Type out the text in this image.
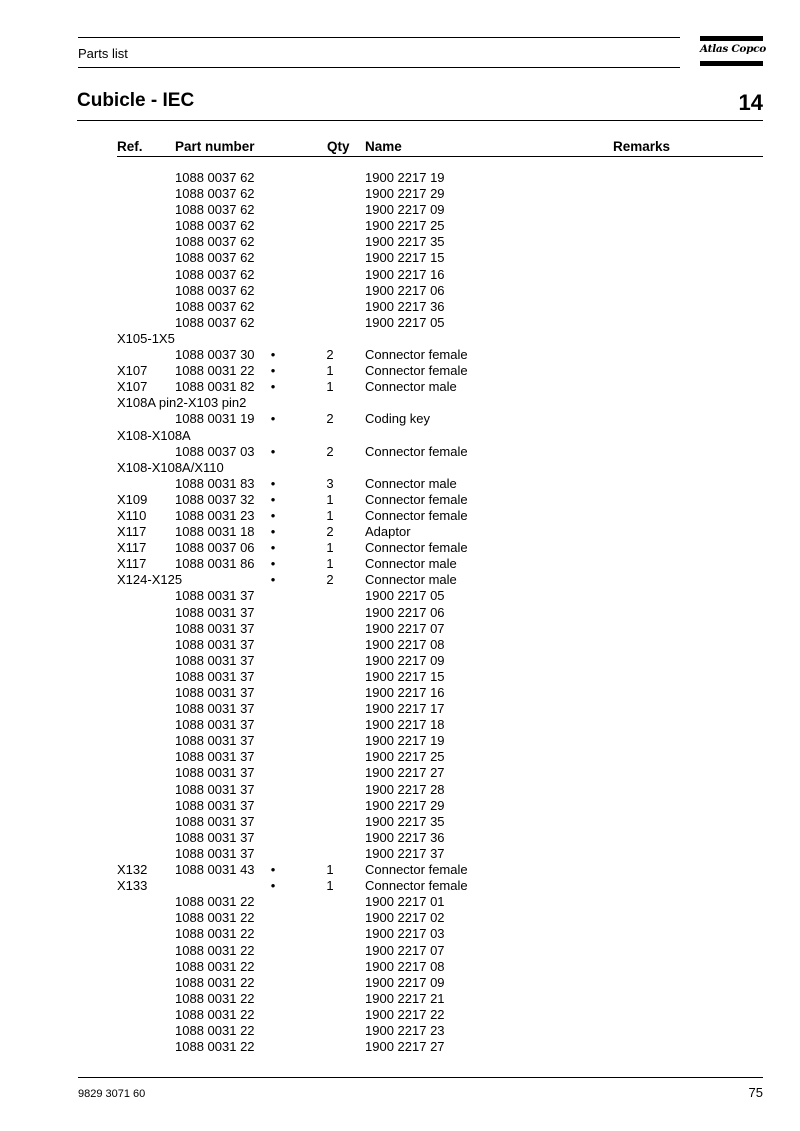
Parts list	Atlas Copco
Cubicle - IEC	14
Ref. Part number	Qty Name	Remarks
1088 0037 62	1900 2217 19
1088 0037 62	1900 2217 29
1088 0037 62	1900 2217 09
1088 0037 62	1900 2217 25
1088 0037 62	1900 2217 35
1088 0037 62	1900 2217 15
1088 0037 62	1900 2217 16
1088 0037 62	1900 2217 06
1088 0037 62	1900 2217 36
1088 0037 62	1900 2217 05
X105-1X5
1088 0037 30	•	2	Connector female
X107 1088 0031 22	•	1	Connector female
X107 1088 0031 82	•	1	Connector male
X108A pin2-X103 pin2
1088 0031 19	•	2	Coding key
X108-X108A
1088 0037 03	•	2	Connector female
X108-X108A/X110
1088 0031 83	•	3	Connector male
X109 1088 0037 32	•	1	Connector female
X110 1088 0031 23	•	1	Connector female
X117 1088 0031 18	•	2	Adaptor
X117 1088 0037 06	•	1	Connector female
X117 1088 0031 86	•	1	Connector male
X124-X125	•	2	Connector male
1088 0031 37	1900 2217 05
1088 0031 37	1900 2217 06
1088 0031 37	1900 2217 07
1088 0031 37	1900 2217 08
1088 0031 37	1900 2217 09
1088 0031 37	1900 2217 15
1088 0031 37	1900 2217 16
1088 0031 37	1900 2217 17
1088 0031 37	1900 2217 18
1088 0031 37	1900 2217 19
1088 0031 37	1900 2217 25
1088 0031 37	1900 2217 27
1088 0031 37	1900 2217 28
1088 0031 37	1900 2217 29
1088 0031 37	1900 2217 35
1088 0031 37	1900 2217 36
1088 0031 37	1900 2217 37
X132 1088 0031 43	•	1	Connector female
X133	•	1	Connector female
1088 0031 22	1900 2217 01
1088 0031 22	1900 2217 02
1088 0031 22	1900 2217 03
1088 0031 22	1900 2217 07
1088 0031 22	1900 2217 08
1088 0031 22	1900 2217 09
1088 0031 22	1900 2217 21
1088 0031 22	1900 2217 22
1088 0031 22	1900 2217 23
1088 0031 22	1900 2217 27
9829 3071 60	75
